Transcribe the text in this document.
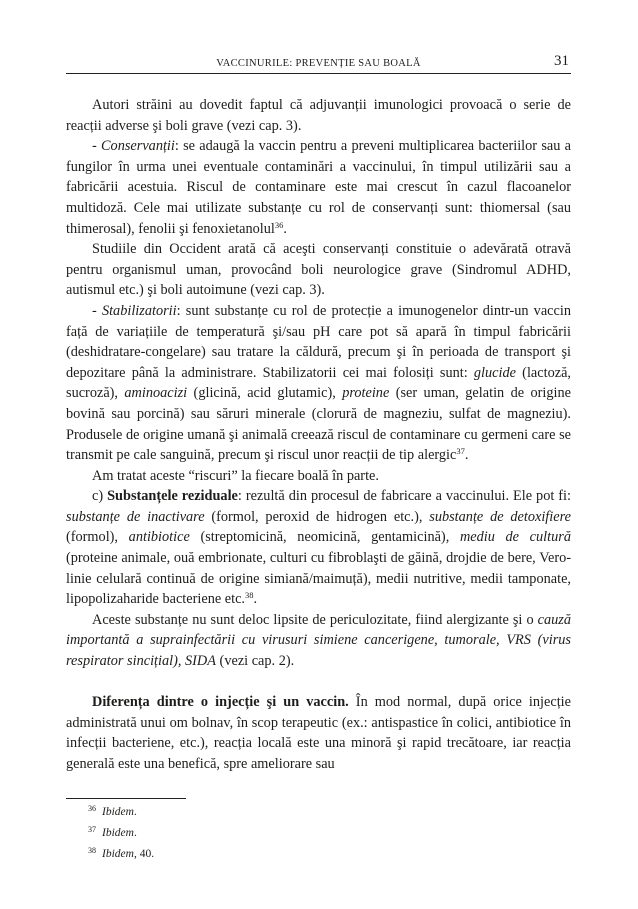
VACCINURILE: PREVENȚIE SAU BOALĂ	31

Autori străini au dovedit faptul că adjuvanții imunologici provoacă o serie de reacții adverse şi boli grave (vezi cap. 3).

- Conservanții: se adaugă la vaccin pentru a preveni multiplicarea bacteriilor sau a fungilor în urma unei eventuale contaminări a vaccinului, în timpul utilizării sau a fabricării acestuia. Riscul de contaminare este mai crescut în cazul flacoanelor multidoză. Cele mai utilizate substanțe cu rol de conservanți sunt: thiomersal (sau thimerosal), fenolii şi fenoxietanolul$^{36}$.

Studiile din Occident arată că aceşti conservanți constituie o adevărată otravă pentru organismul uman, provocând boli neurologice grave (Sindromul ADHD, autismul etc.) şi boli autoimune (vezi cap. 3).

- Stabilizatorii: sunt substanțe cu rol de protecție a imunogenelor dintr-un vaccin față de variațiile de temperatură şi/sau pH care pot să apară în timpul fabricării (deshidratare-congelare) sau tratare la căldură, precum şi în perioada de transport şi depozitare până la administrare. Stabilizatorii cei mai folosiți sunt: glucide (lactoză, sucroză), aminoacizi (glicină, acid glutamic), proteine (ser uman, gelatin de origine bovină sau porcină) sau săruri minerale (clorură de magneziu, sulfat de magneziu). Produsele de origine umană şi animală creează riscul de contaminare cu germeni care se transmit pe cale sanguină, precum şi riscul unor reacții de tip alergic$^{37}$.

Am tratat aceste “riscuri” la fiecare boală în parte.

c) Substanțele reziduale: rezultă din procesul de fabricare a vaccinului. Ele pot fi: substanțe de inactivare (formol, peroxid de hidrogen etc.), substanțe de detoxifiere (formol), antibiotice (streptomicină, neomicină, gentamicină), mediu de cultură (proteine animale, ouă embrionate, culturi cu fibroblaşti de găină, drojdie de bere, Vero-linie celulară continuă de origine simiană/maimuță), medii nutritive, medii tamponate, lipopolizaharide bacteriene etc.$^{38}$.

Aceste substanțe nu sunt deloc lipsite de periculozitate, fiind alergizante şi o cauză importantă a suprainfectării cu virusuri simiene cancerigene, tumorale, VRS (virus respirator sincițial), SIDA (vezi cap. 2).

Diferența dintre o injecție şi un vaccin. În mod normal, după orice injecție administrată unui om bolnav, în scop terapeutic (ex.: antispastice în colici, antibiotice în infecții bacteriene, etc.), reacția locală este una minoră şi rapid trecătoare, iar reacția generală este una benefică, spre ameliorare sau

$^{36}$ Ibidem.
$^{37}$ Ibidem.
$^{38}$ Ibidem, 40.
